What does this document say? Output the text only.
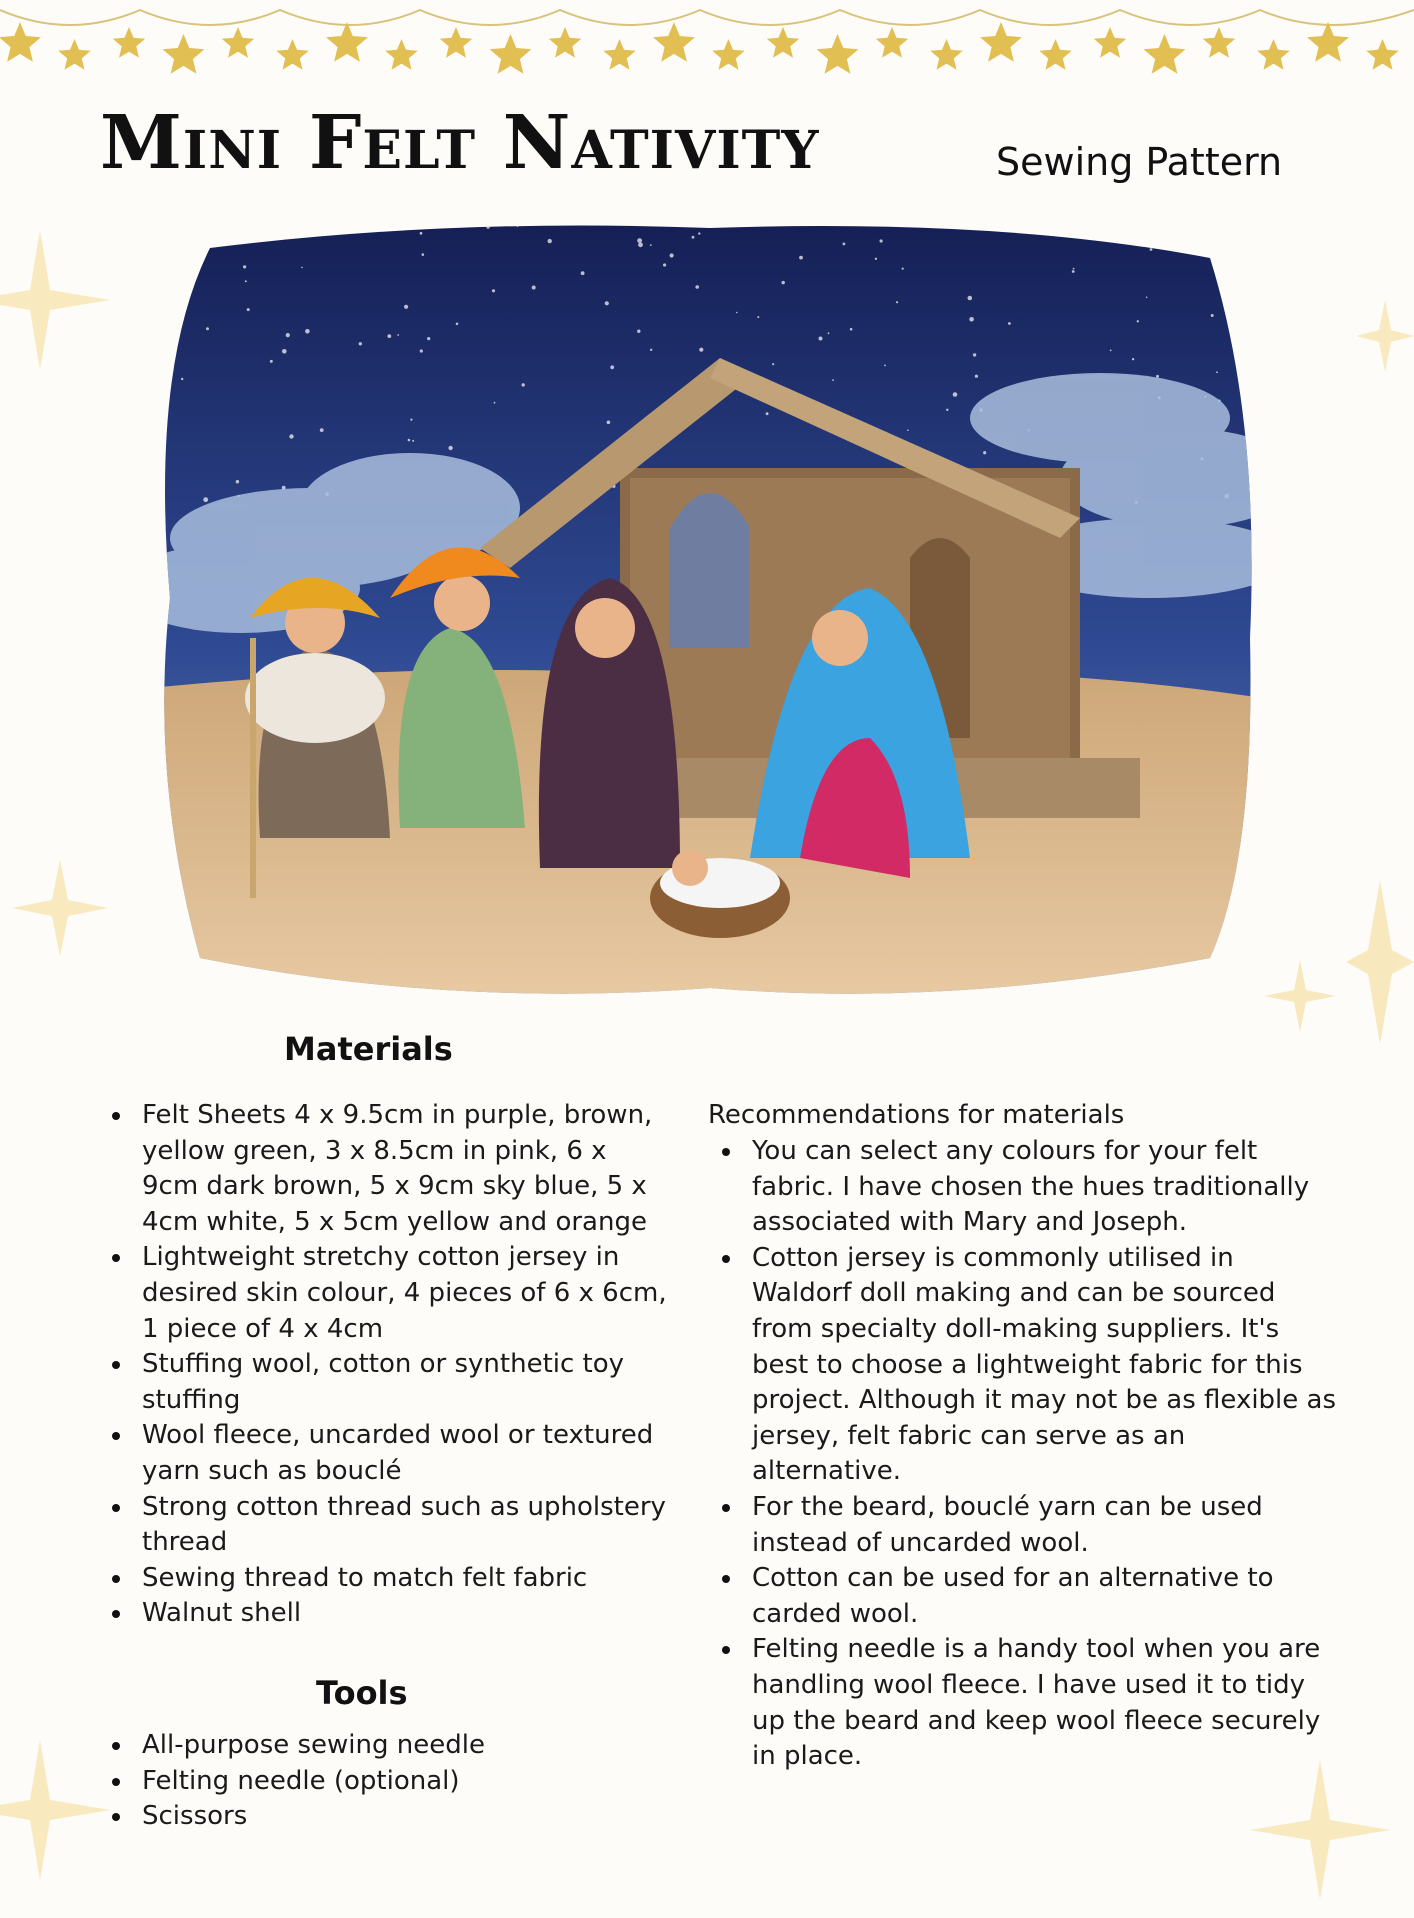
Mini Felt Nativity	Sewing Pattern

Materials
Felt Sheets 4 x 9.5cm in purple, brown, yellow green, 3 x 8.5cm in pink, 6 x 9cm dark brown, 5 x 9cm sky blue, 5 x 4cm white, 5 x 5cm yellow and orange
Lightweight stretchy cotton jersey in desired skin colour, 4 pieces of 6 x 6cm, 1 piece of 4 x 4cm
Stuffing wool, cotton or synthetic toy stuffing
Wool fleece, uncarded wool or textured yarn such as bouclé
Strong cotton thread such as upholstery thread
Sewing thread to match felt fabric
Walnut shell
Tools
All-purpose sewing needle
Felting needle (optional)
Scissors

Recommendations for materials

You can select any colours for your felt fabric. I have chosen the hues traditionally associated with Mary and Joseph.
Cotton jersey is commonly utilised in Waldorf doll making and can be sourced from specialty doll-making suppliers. It's best to choose a lightweight fabric for this project. Although it may not be as flexible as jersey, felt fabric can serve as an alternative.
For the beard, bouclé yarn can be used instead of uncarded wool.
Cotton can be used for an alternative to carded wool.
Felting needle is a handy tool when you are handling wool fleece. I have used it to tidy up the beard and keep wool fleece securely in place.
